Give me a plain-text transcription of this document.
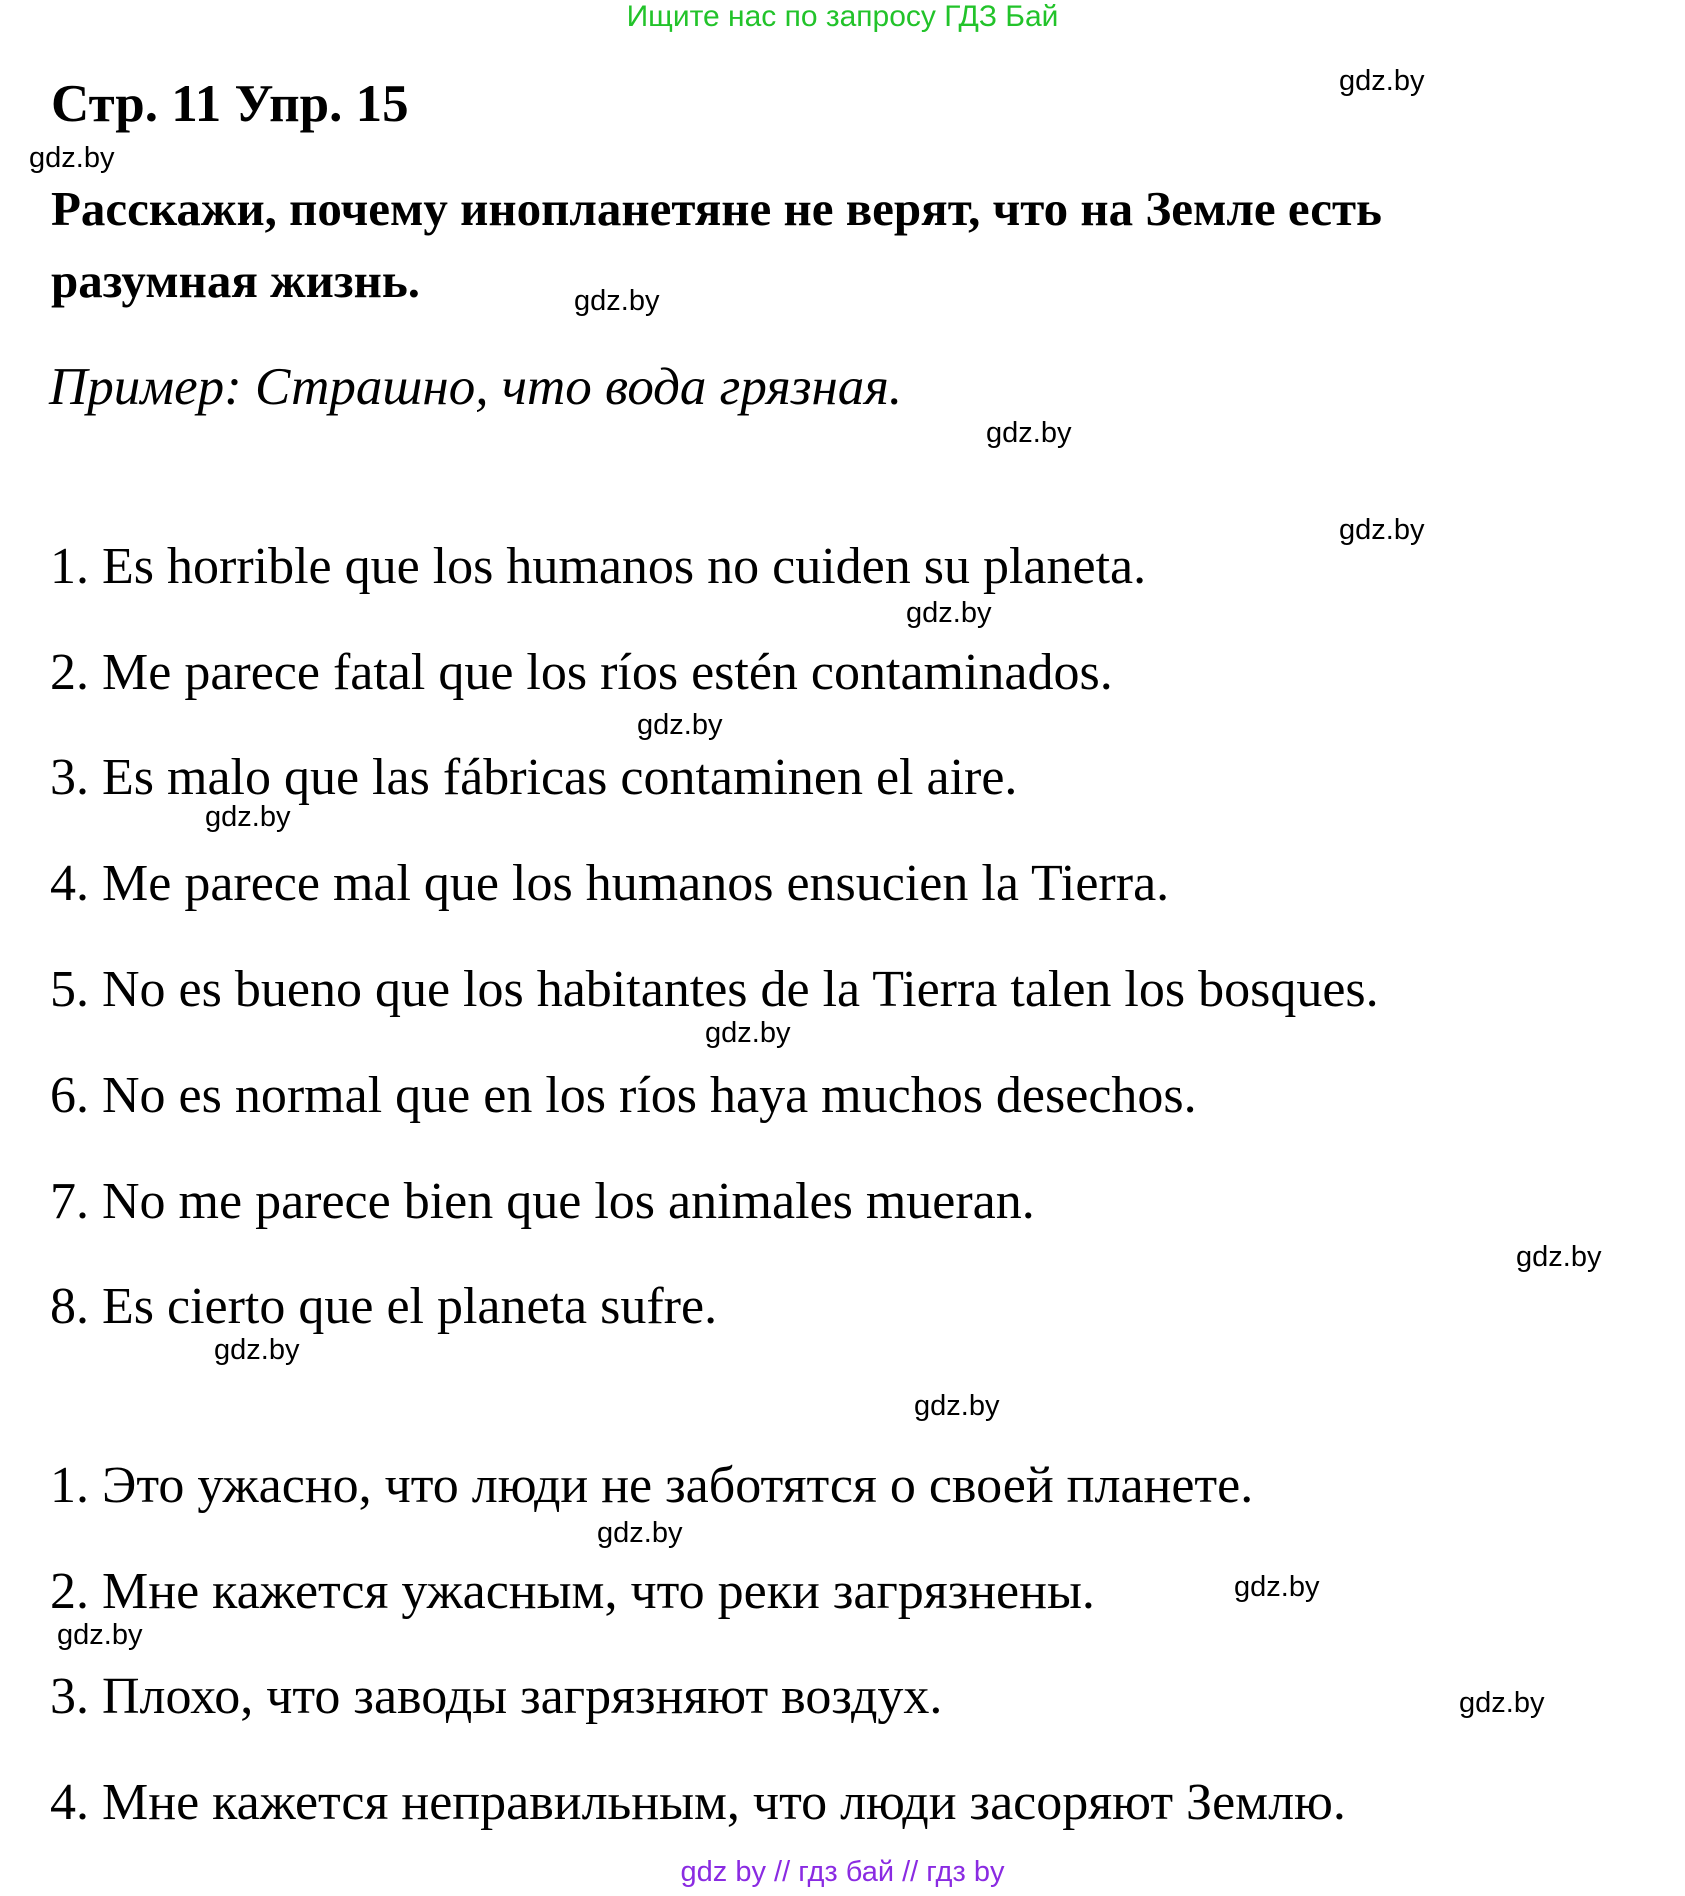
Ищите нас по запросу ГДЗ Бай
Стр. 11 Упр. 15
Расскажи, почему инопланетяне не верят, что на Земле есть
разумная жизнь.
Пример: Страшно, что вода грязная.
1. Es horrible que los humanos no cuiden su planeta.
2. Me parece fatal que los ríos estén contaminados.
3. Es malo que las fábricas contaminen el aire.
4. Me parece mal que los humanos ensucien la Tierra.
5. No es bueno que los habitantes de la Tierra talen los bosques.
6. No es normal que en los ríos haya muchos desechos.
7. No me parece bien que los animales mueran.
8. Es cierto que el planeta sufre.
1. Это ужасно, что люди не заботятся о своей планете.
2. Мне кажется ужасным, что реки загрязнены.
3. Плохо, что заводы загрязняют воздух.
4. Мне кажется неправильным, что люди засоряют Землю.
gdz.by
gdz.by
gdz.by
gdz.by
gdz.by
gdz.by
gdz.by
gdz.by
gdz.by
gdz.by
gdz.by
gdz.by
gdz.by
gdz.by
gdz.by
gdz.by
gdz by // гдз бай // гдз by
